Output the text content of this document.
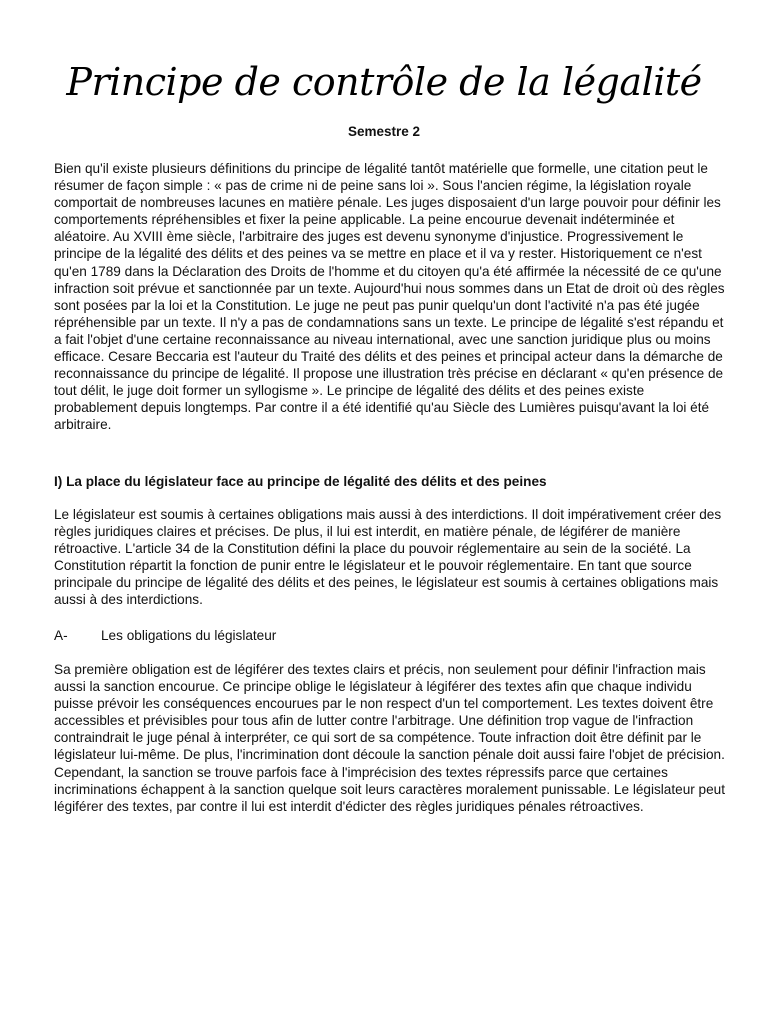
Principe de contrôle de la légalité
Semestre 2
Bien qu'il existe plusieurs définitions du principe de légalité tantôt matérielle que formelle, une citation peut le résumer de façon simple : « pas de crime ni de peine sans loi ». Sous l'ancien régime, la législation royale comportait de nombreuses lacunes en matière pénale. Les juges disposaient d'un large pouvoir pour définir les comportements répréhensibles et fixer la peine applicable. La peine encourue devenait indéterminée et aléatoire. Au XVIII ème siècle, l'arbitraire des juges est devenu synonyme d'injustice. Progressivement le principe de la légalité des délits et des peines va se mettre en place et il va y rester. Historiquement ce n'est qu'en 1789 dans la Déclaration des Droits de l'homme et du citoyen qu'a été affirmée la nécessité de ce qu'une infraction soit prévue et sanctionnée par un texte. Aujourd'hui nous sommes dans un Etat de droit où des règles sont posées par la loi et la Constitution. Le juge ne peut pas punir quelqu'un dont l'activité n'a pas été jugée répréhensible par un texte. Il n'y a pas de condamnations sans un texte. Le principe de légalité s'est répandu et a fait l'objet d'une certaine reconnaissance au niveau international, avec une sanction juridique plus ou moins efficace. Cesare Beccaria est l'auteur du Traité des délits et des peines et principal acteur dans la démarche de reconnaissance du principe de légalité. Il propose une illustration très précise en déclarant « qu'en présence de tout délit, le juge doit former un syllogisme ». Le principe de légalité des délits et des peines existe probablement depuis longtemps. Par contre il a été identifié qu'au Siècle des Lumières puisqu'avant la loi été arbitraire.
I) La place du législateur face au principe de légalité des délits et des peines
Le législateur est soumis à certaines obligations mais aussi à des interdictions. Il doit impérativement créer des règles juridiques claires et précises. De plus, il lui est interdit, en matière pénale, de légiférer de manière rétroactive. L'article 34 de la Constitution défini la place du pouvoir réglementaire au sein de la société. La Constitution répartit la fonction de punir entre le législateur et le pouvoir réglementaire. En tant que source principale du principe de légalité des délits et des peines, le législateur est soumis à certaines obligations mais aussi à des interdictions.
A- Les obligations du législateur
Sa première obligation est de légiférer des textes clairs et précis, non seulement pour définir l'infraction mais aussi la sanction encourue. Ce principe oblige le législateur à légiférer des textes afin que chaque individu puisse prévoir les conséquences encourues par le non respect d'un tel comportement. Les textes doivent être accessibles et prévisibles pour tous afin de lutter contre l'arbitrage. Une définition trop vague de l'infraction contraindrait le juge pénal à interpréter, ce qui sort de sa compétence. Toute infraction doit être définit par le législateur lui-même. De plus, l'incrimination dont découle la sanction pénale doit aussi faire l'objet de précision. Cependant, la sanction se trouve parfois face à l'imprécision des textes répressifs parce que certaines incriminations échappent à la sanction quelque soit leurs caractères moralement punissable. Le législateur peut légiférer des textes, par contre il lui est interdit d'édicter des règles juridiques pénales rétroactives.
